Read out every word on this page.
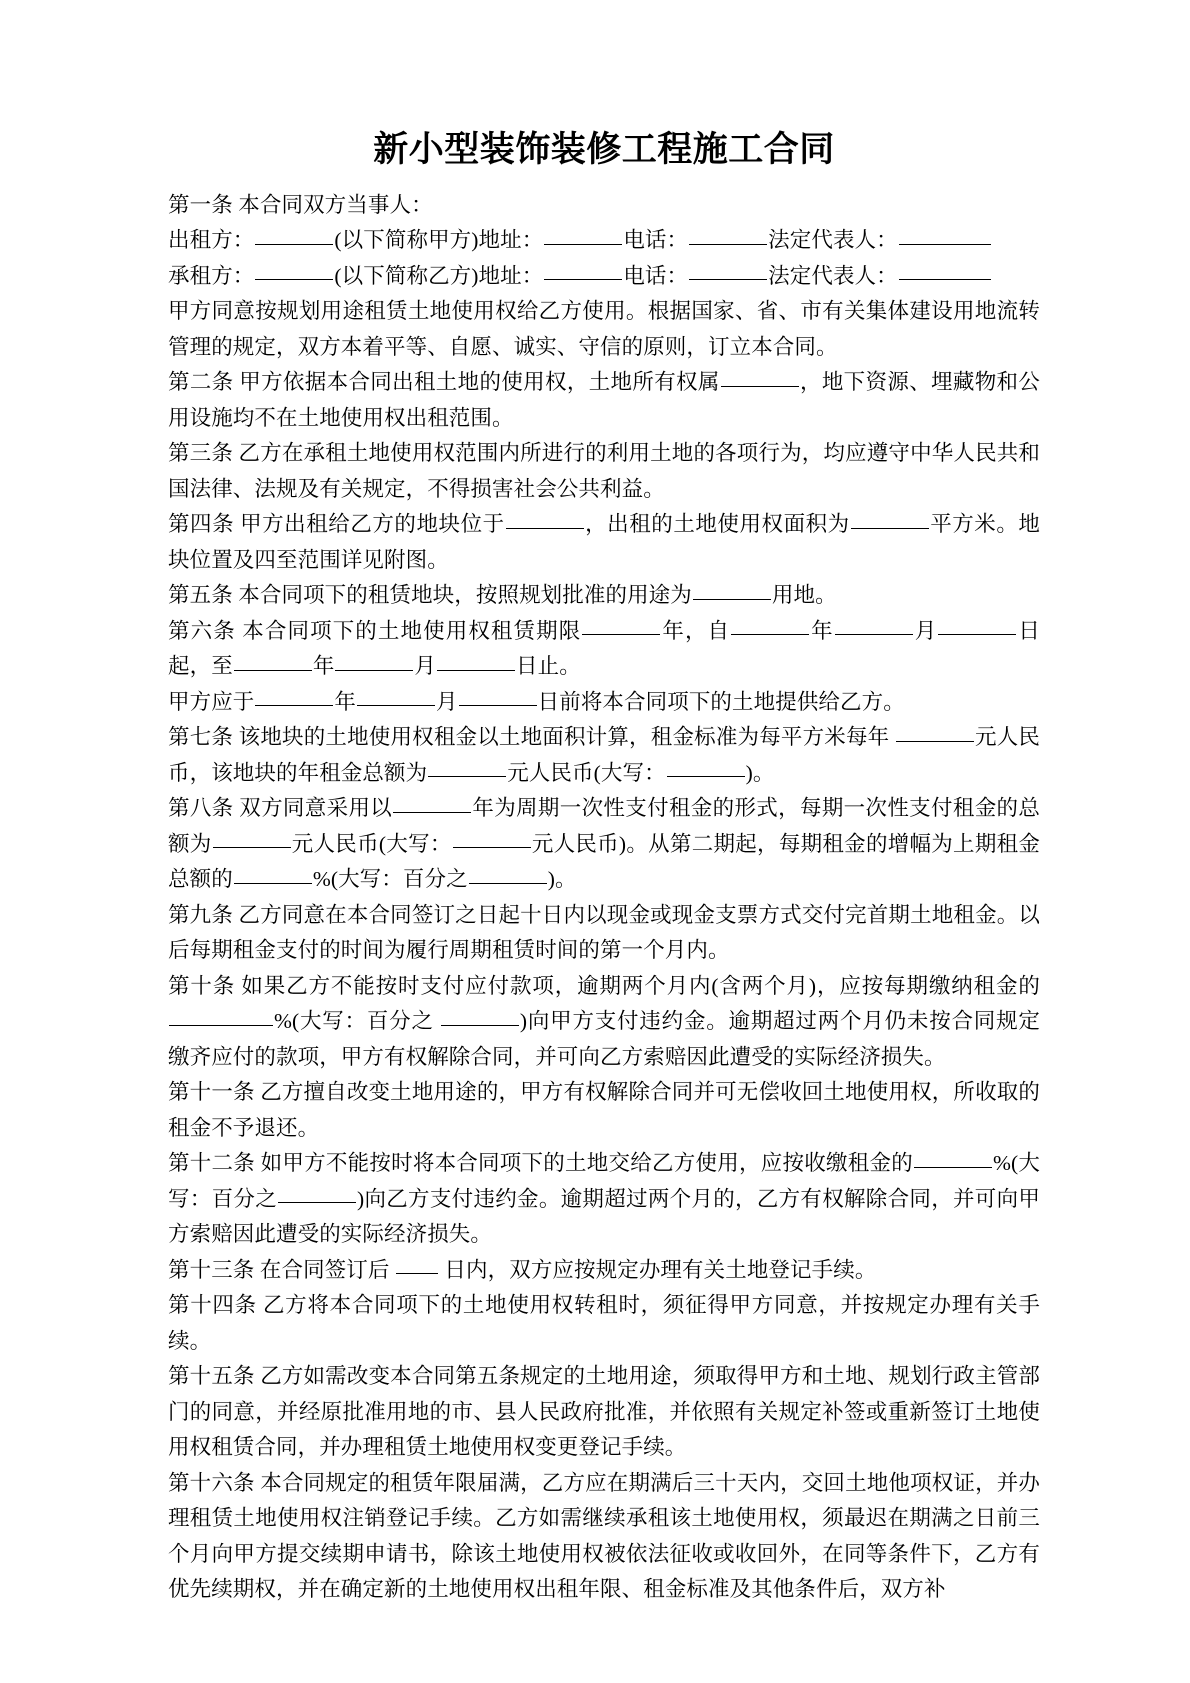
新小型装饰装修工程施工合同

第一条 本合同双方当事人：

出租方：	(以下简称甲方)地址：	电话：	法定代表人：

承租方：	(以下简称乙方)地址：	电话：	法定代表人：

甲方同意按规划用途租赁土地使用权给乙方使用。根据国家、省、市有关集体建设用地流转管理的规定，双方本着平等、自愿、诚实、守信的原则，订立本合同。

第二条 甲方依据本合同出租土地的使用权，土地所有权属	，地下资源、埋藏物和公用设施均不在土地使用权出租范围。

第三条 乙方在承租土地使用权范围内所进行的利用土地的各项行为，均应遵守中华人民共和国法律、法规及有关规定，不得损害社会公共利益。

第四条 甲方出租给乙方的地块位于	，出租的土地使用权面积为	平方米。地块位置及四至范围详见附图。

第五条 本合同项下的租赁地块，按照规划批准的用途为	用地。

第六条 本合同项下的土地使用权租赁期限	年，自	年	月	日起，至	年	月	日止。

甲方应于	年	月	日前将本合同项下的土地提供给乙方。

第七条 该地块的土地使用权租金以土地面积计算，租金标准为每平方米每年	元人民币，该地块的年租金总额为	元人民币(大写：	)。

第八条 双方同意采用以	年为周期一次性支付租金的形式，每期一次性支付租金的总额为	元人民币(大写：	元人民币)。从第二期起，每期租金的增幅为上期租金总额的	%(大写：百分之	)。

第九条 乙方同意在本合同签订之日起十日内以现金或现金支票方式交付完首期土地租金。以后每期租金支付的时间为履行周期租赁时间的第一个月内。

第十条 如果乙方不能按时支付应付款项，逾期两个月内(含两个月)，应按每期缴纳租金的 %(大写：百分之	)向甲方支付违约金。逾期超过两个月仍未按合同规定缴齐应付的款项，甲方有权解除合同，并可向乙方索赔因此遭受的实际经济损失。

第十一条 乙方擅自改变土地用途的，甲方有权解除合同并可无偿收回土地使用权，所收取的租金不予退还。

第十二条 如甲方不能按时将本合同项下的土地交给乙方使用，应按收缴租金的	%(大写：百分之	)向乙方支付违约金。逾期超过两个月的，乙方有权解除合同，并可向甲方索赔因此遭受的实际经济损失。

第十三条 在合同签订后   日内，双方应按规定办理有关土地登记手续。

第十四条 乙方将本合同项下的土地使用权转租时，须征得甲方同意，并按规定办理有关手续。

第十五条 乙方如需改变本合同第五条规定的土地用途，须取得甲方和土地、规划行政主管部门的同意，并经原批准用地的市、县人民政府批准，并依照有关规定补签或重新签订土地使用权租赁合同，并办理租赁土地使用权变更登记手续。

第十六条 本合同规定的租赁年限届满，乙方应在期满后三十天内，交回土地他项权证，并办理租赁土地使用权注销登记手续。乙方如需继续承租该土地使用权，须最迟在期满之日前三个月向甲方提交续期申请书，除该土地使用权被依法征收或收回外，在同等条件下，乙方有优先续期权，并在确定新的土地使用权出租年限、租金标准及其他条件后，双方补
